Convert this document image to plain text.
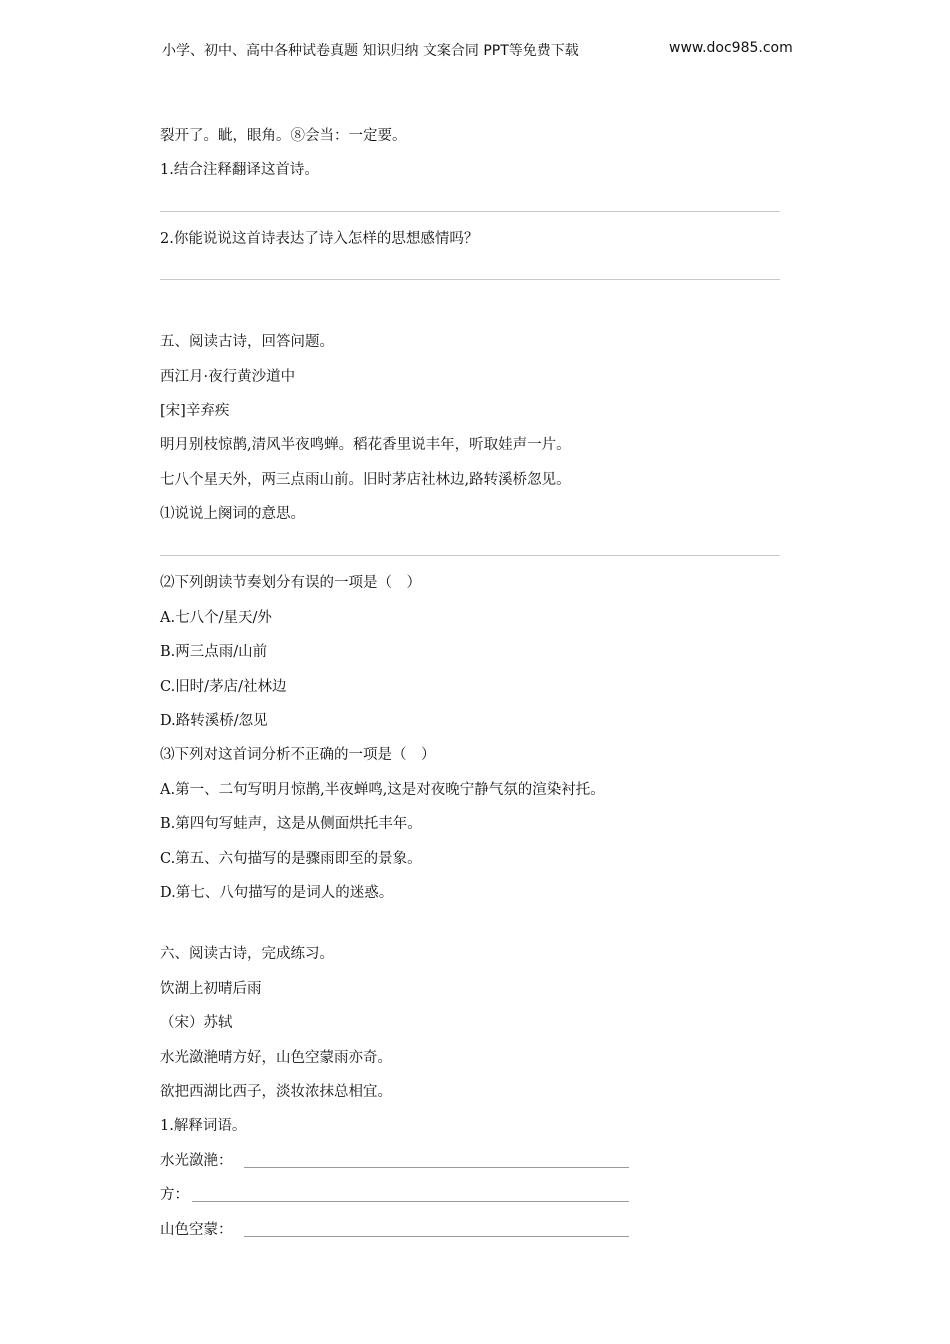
小学、初中、高中各种试卷真题 知识归纳 文案合同 PPT等免费下载	www.doc985.com
裂开了。眦，眼角。⑧会当：一定要。
1.结合注释翻译这首诗。
2.你能说说这首诗表达了诗入怎样的思想感情吗？
五、阅读古诗，回答问题。
西江月·夜行黄沙道中
[宋]辛弃疾
明月别枝惊鹊,清风半夜鸣蝉。稻花香里说丰年，听取娃声一片。
七八个星天外，两三点雨山前。旧时茅店社林边,路转溪桥忽见。
⑴说说上阕词的意思。
⑵下列朗读节奏划分有误的一项是（　）
A.七八个/星天/外
B.两三点雨/山前
C.旧时/茅店/社林边
D.路转溪桥/忽见
⑶下列对这首词分析不正确的一项是（　）
A.第一、二句写明月惊鹊,半夜蝉鸣,这是对夜晚宁静气氛的渲染衬托。
B.第四句写蛙声，这是从侧面烘托丰年。
C.第五、六句描写的是骤雨即至的景象。
D.第七、八句描写的是词人的迷惑。
六、阅读古诗，完成练习。
饮湖上初晴后雨
（宋）苏轼
水光潋滟晴方好，山色空蒙雨亦奇。
欲把西湖比西子，淡妆浓抹总相宜。
1.解释词语。
水光潋滟：
方：
山色空蒙：
